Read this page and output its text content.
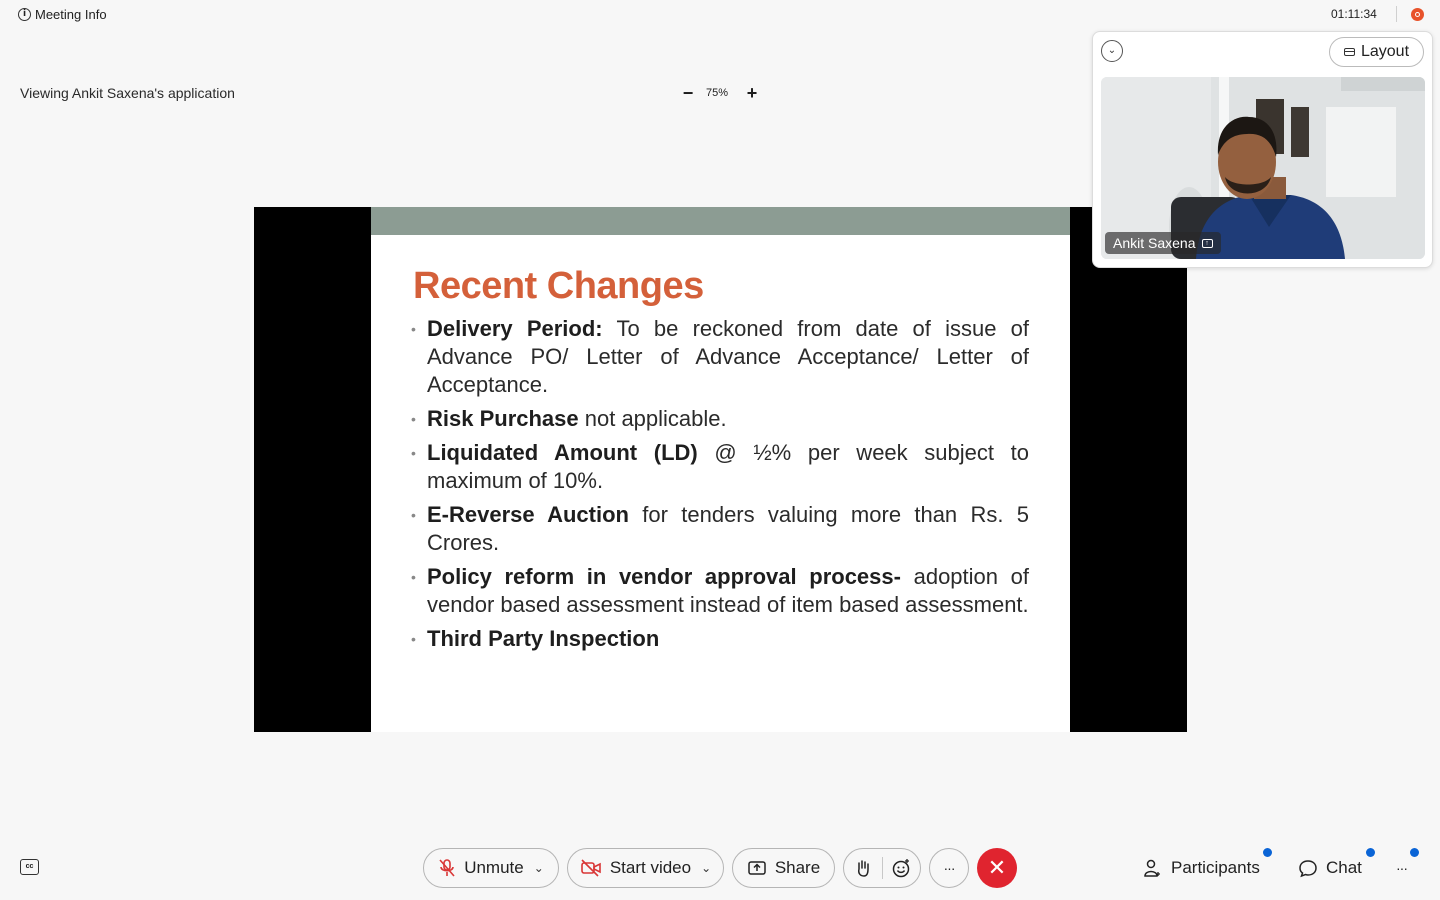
i Meeting Info	01:11:34
Viewing Ankit Saxena's application	− 75% +
Recent Changes
• Delivery Period: To be reckoned from date of issue of Advance PO/ Letter of Advance Acceptance/ Letter of Acceptance.
• Risk Purchase not applicable.
• Liquidated Amount (LD) @ ½% per week subject to maximum of 10%.
• E-Reverse Auction for tenders valuing more than Rs. 5 Crores.
• Policy reform in vendor approval process- adoption of vendor based assessment instead of item based assessment.
• Third Party Inspection
⌄	Layout
Ankit Saxena	↑
cc	Unmute ⌄	Start video ⌄	Share	··· ✕	Participants	Chat ···
